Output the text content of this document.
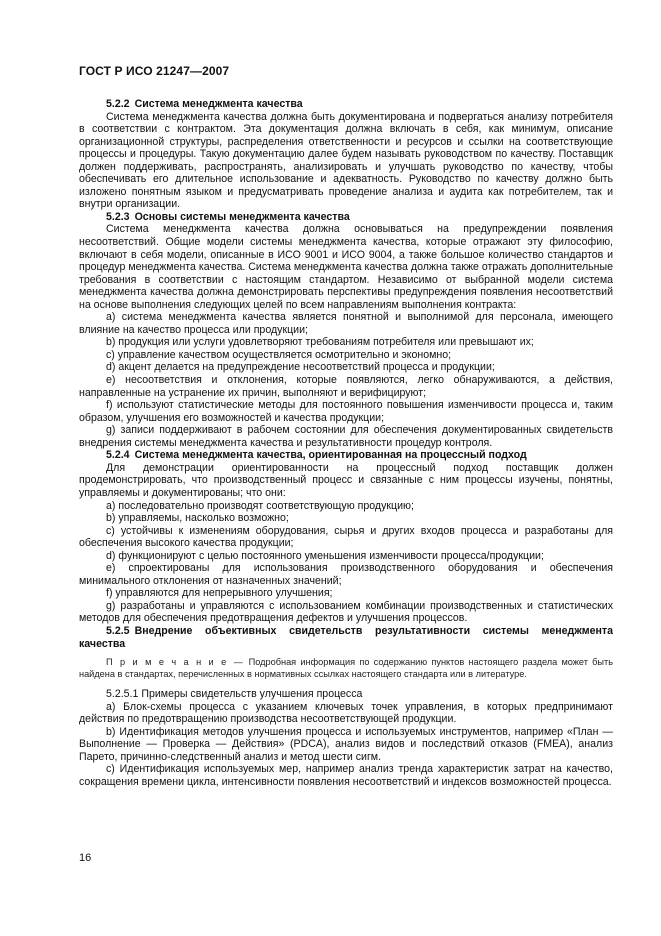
ГОСТ Р ИСО 21247—2007

5.2.2 Система менеджмента качества

Система менеджмента качества должна быть документирована и подвергаться анализу потребителя в соответствии с контрактом. Эта документация должна включать в себя, как минимум, описание организационной структуры, распределения ответственности и ресурсов и ссылки на соответствующие процессы и процедуры. Такую документацию далее будем называть руководством по качеству. Поставщик должен поддерживать, распространять, анализировать и улучшать руководство по качеству, чтобы обеспечивать его длительное использование и адекватность. Руководство по качеству должно быть изложено понятным языком и предусматривать проведение анализа и аудита как потребителем, так и внутри организации.

5.2.3 Основы системы менеджмента качества

Система менеджмента качества должна основываться на предупреждении появления несоответствий. Общие модели системы менеджмента качества, которые отражают эту философию, включают в себя модели, описанные в ИСО 9001 и ИСО 9004, а также большое количество стандартов и процедур менеджмента качества. Система менеджмента качества должна также отражать дополнительные требования в соответствии с настоящим стандартом. Независимо от выбранной модели система менеджмента качества должна демонстрировать перспективы предупреждения появления несоответствий на основе выполнения следующих целей по всем направлениям выполнения контракта:

а) система менеджмента качества является понятной и выполнимой для персонала, имеющего влияние на качество процесса или продукции;

b) продукция или услуги удовлетворяют требованиям потребителя или превышают их;

c) управление качеством осуществляется осмотрительно и экономно;

d) акцент делается на предупреждение несоответствий процесса и продукции;

e) несоответствия и отклонения, которые появляются, легко обнаруживаются, а действия, направленные на устранение их причин, выполняют и верифицируют;

f) используют статистические методы для постоянного повышения изменчивости процесса и, таким образом, улучшения его возможностей и качества продукции;

g) записи поддерживают в рабочем состоянии для обеспечения документированных свидетельств внедрения системы менеджмента качества и результативности процедур контроля.

5.2.4 Система менеджмента качества, ориентированная на процессный подход

Для демонстрации ориентированности на процессный подход поставщик должен продемонстрировать, что производственный процесс и связанные с ним процессы изучены, понятны, управляемы и документированы; что они:

а) последовательно производят соответствующую продукцию;

b) управляемы, насколько возможно;

c) устойчивы к изменениям оборудования, сырья и других входов процесса и разработаны для обеспечения высокого качества продукции;

d) функционируют с целью постоянного уменьшения изменчивости процесса/продукции;

e) спроектированы для использования производственного оборудования и обеспечения минимального отклонения от назначенных значений;

f) управляются для непрерывного улучшения;

g) разработаны и управляются с использованием комбинации производственных и статистических методов для обеспечения предотвращения дефектов и улучшения процессов.

5.2.5 Внедрение объективных свидетельств результативности системы менеджмента качества

П р и м е ч а н и е — Подробная информация по содержанию пунктов настоящего раздела может быть найдена в стандартах, перечисленных в нормативных ссылках настоящего стандарта или в литературе.

5.2.5.1 Примеры свидетельств улучшения процесса

а) Блок-схемы процесса с указанием ключевых точек управления, в которых предпринимают действия по предотвращению производства несоответствующей продукции.

b) Идентификация методов улучшения процесса и используемых инструментов, например «План — Выполнение — Проверка — Действия» (PDCA), анализ видов и последствий отказов (FMEA), анализ Парето, причинно-следственный анализ и метод шести сигм.

c) Идентификация используемых мер, например анализ тренда характеристик затрат на качество, сокращения времени цикла, интенсивности появления несоответствий и индексов возможностей процесса.

16
